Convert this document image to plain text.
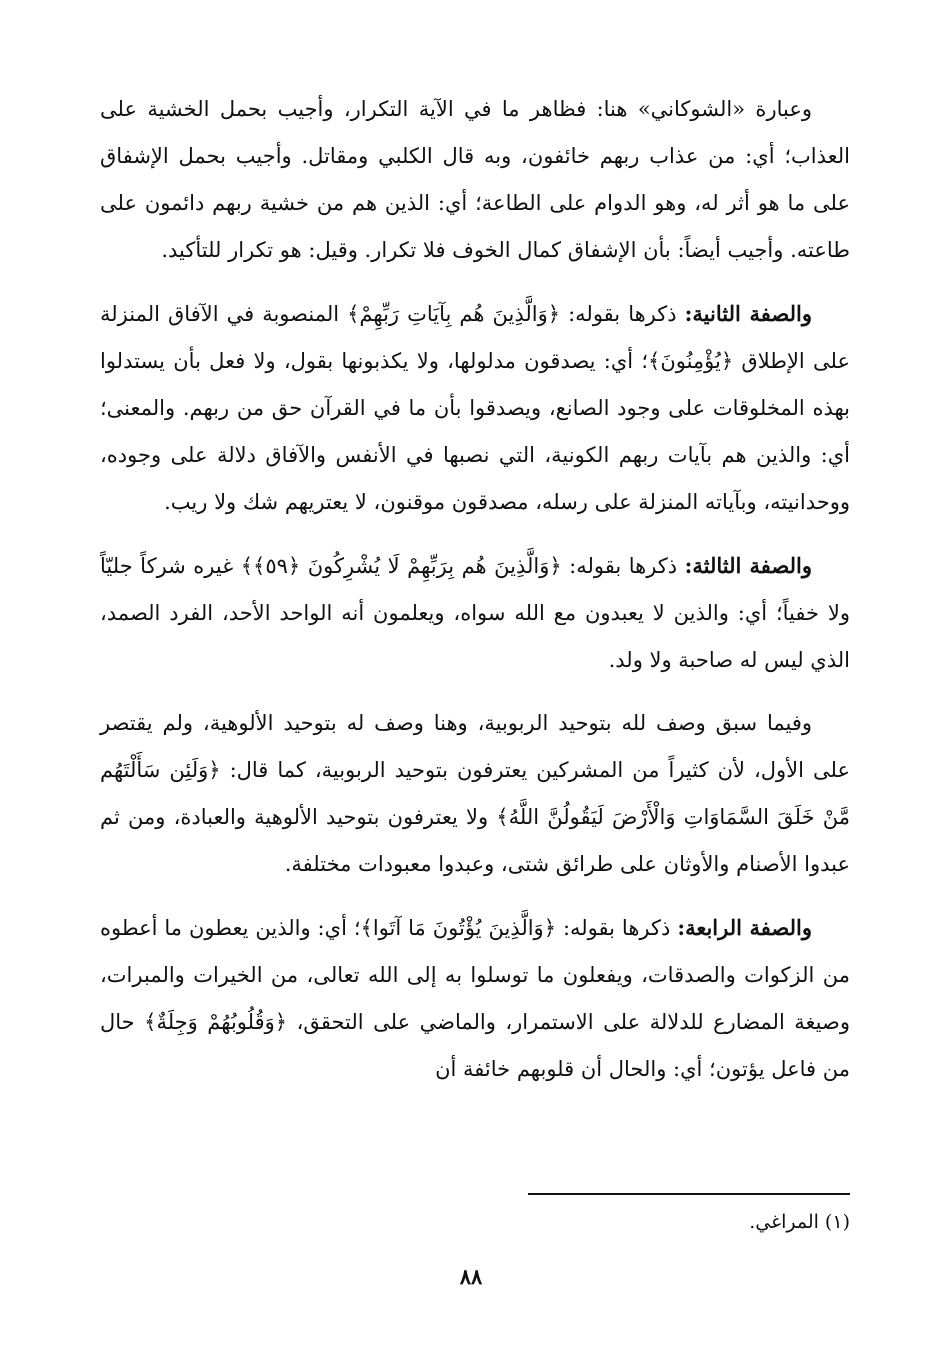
وعبارة «الشوكاني» هنا: فظاهر ما في الآية التكرار، وأجيب بحمل الخشية على العذاب؛ أي: من عذاب ربهم خائفون، وبه قال الكلبي ومقاتل. وأجيب بحمل الإشفاق على ما هو أثر له، وهو الدوام على الطاعة؛ أي: الذين هم من خشية ربهم دائمون على طاعته. وأجيب أيضاً: بأن الإشفاق كمال الخوف فلا تكرار. وقيل: هو تكرار للتأكيد.

والصفة الثانية: ذكرها بقوله: ﴿وَالَّذِينَ هُم بِآيَاتِ رَبِّهِمْ﴾ المنصوبة في الآفاق المنزلة على الإطلاق ﴿يُؤْمِنُونَ﴾؛ أي: يصدقون مدلولها، ولا يكذبونها بقول، ولا فعل بأن يستدلوا بهذه المخلوقات على وجود الصانع، ويصدقوا بأن ما في القرآن حق من ربهم. والمعنى؛ أي: والذين هم بآيات ربهم الكونية، التي نصبها في الأنفس والآفاق دلالة على وجوده، ووحدانيته، وبآياته المنزلة على رسله، مصدقون موقنون، لا يعتريهم شك ولا ريب.

والصفة الثالثة: ذكرها بقوله: ﴿وَالَّذِينَ هُم بِرَبِّهِمْ لَا يُشْرِكُونَ ﴿٥٩﴾﴾ غيره شركاً جليّاً ولا خفياً؛ أي: والذين لا يعبدون مع الله سواه، ويعلمون أنه الواحد الأحد، الفرد الصمد، الذي ليس له صاحبة ولا ولد.

وفيما سبق وصف لله بتوحيد الربوبية، وهنا وصف له بتوحيد الألوهية، ولم يقتصر على الأول، لأن كثيراً من المشركين يعترفون بتوحيد الربوبية، كما قال: ﴿وَلَئِن سَأَلْتَهُم مَّنْ خَلَقَ السَّمَاوَاتِ وَالْأَرْضَ لَيَقُولُنَّ اللَّهُ﴾ ولا يعترفون بتوحيد الألوهية والعبادة، ومن ثم عبدوا الأصنام والأوثان على طرائق شتى، وعبدوا معبودات مختلفة.

والصفة الرابعة: ذكرها بقوله: ﴿وَالَّذِينَ يُؤْتُونَ مَا آتَوا﴾؛ أي: والذين يعطون ما أعطوه من الزكوات والصدقات، ويفعلون ما توسلوا به إلى الله تعالى، من الخيرات والمبرات، وصيغة المضارع للدلالة على الاستمرار، والماضي على التحقق، ﴿وَقُلُوبُهُمْ وَجِلَةٌ﴾ حال من فاعل يؤتون؛ أي: والحال أن قلوبهم خائفة أن

(١) المراغي.
٨٨
